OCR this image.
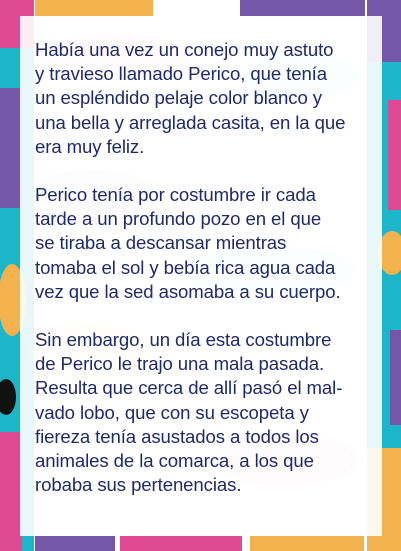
Había una vez un conejo muy astuto
y travieso llamado Perico, que tenía
un espléndido pelaje color blanco y
una bella y arreglada casita, en la que
era muy feliz.

Perico tenía por costumbre ir cada
tarde a un profundo pozo en el que
se tiraba a descansar mientras
tomaba el sol y bebía rica agua cada
vez que la sed asomaba a su cuerpo.

Sin embargo, un día esta costumbre
de Perico le trajo una mala pasada.
Resulta que cerca de allí pasó el mal-
vado lobo, que con su escopeta y
fiereza tenía asustados a todos los
animales de la comarca, a los que
robaba sus pertenencias.
